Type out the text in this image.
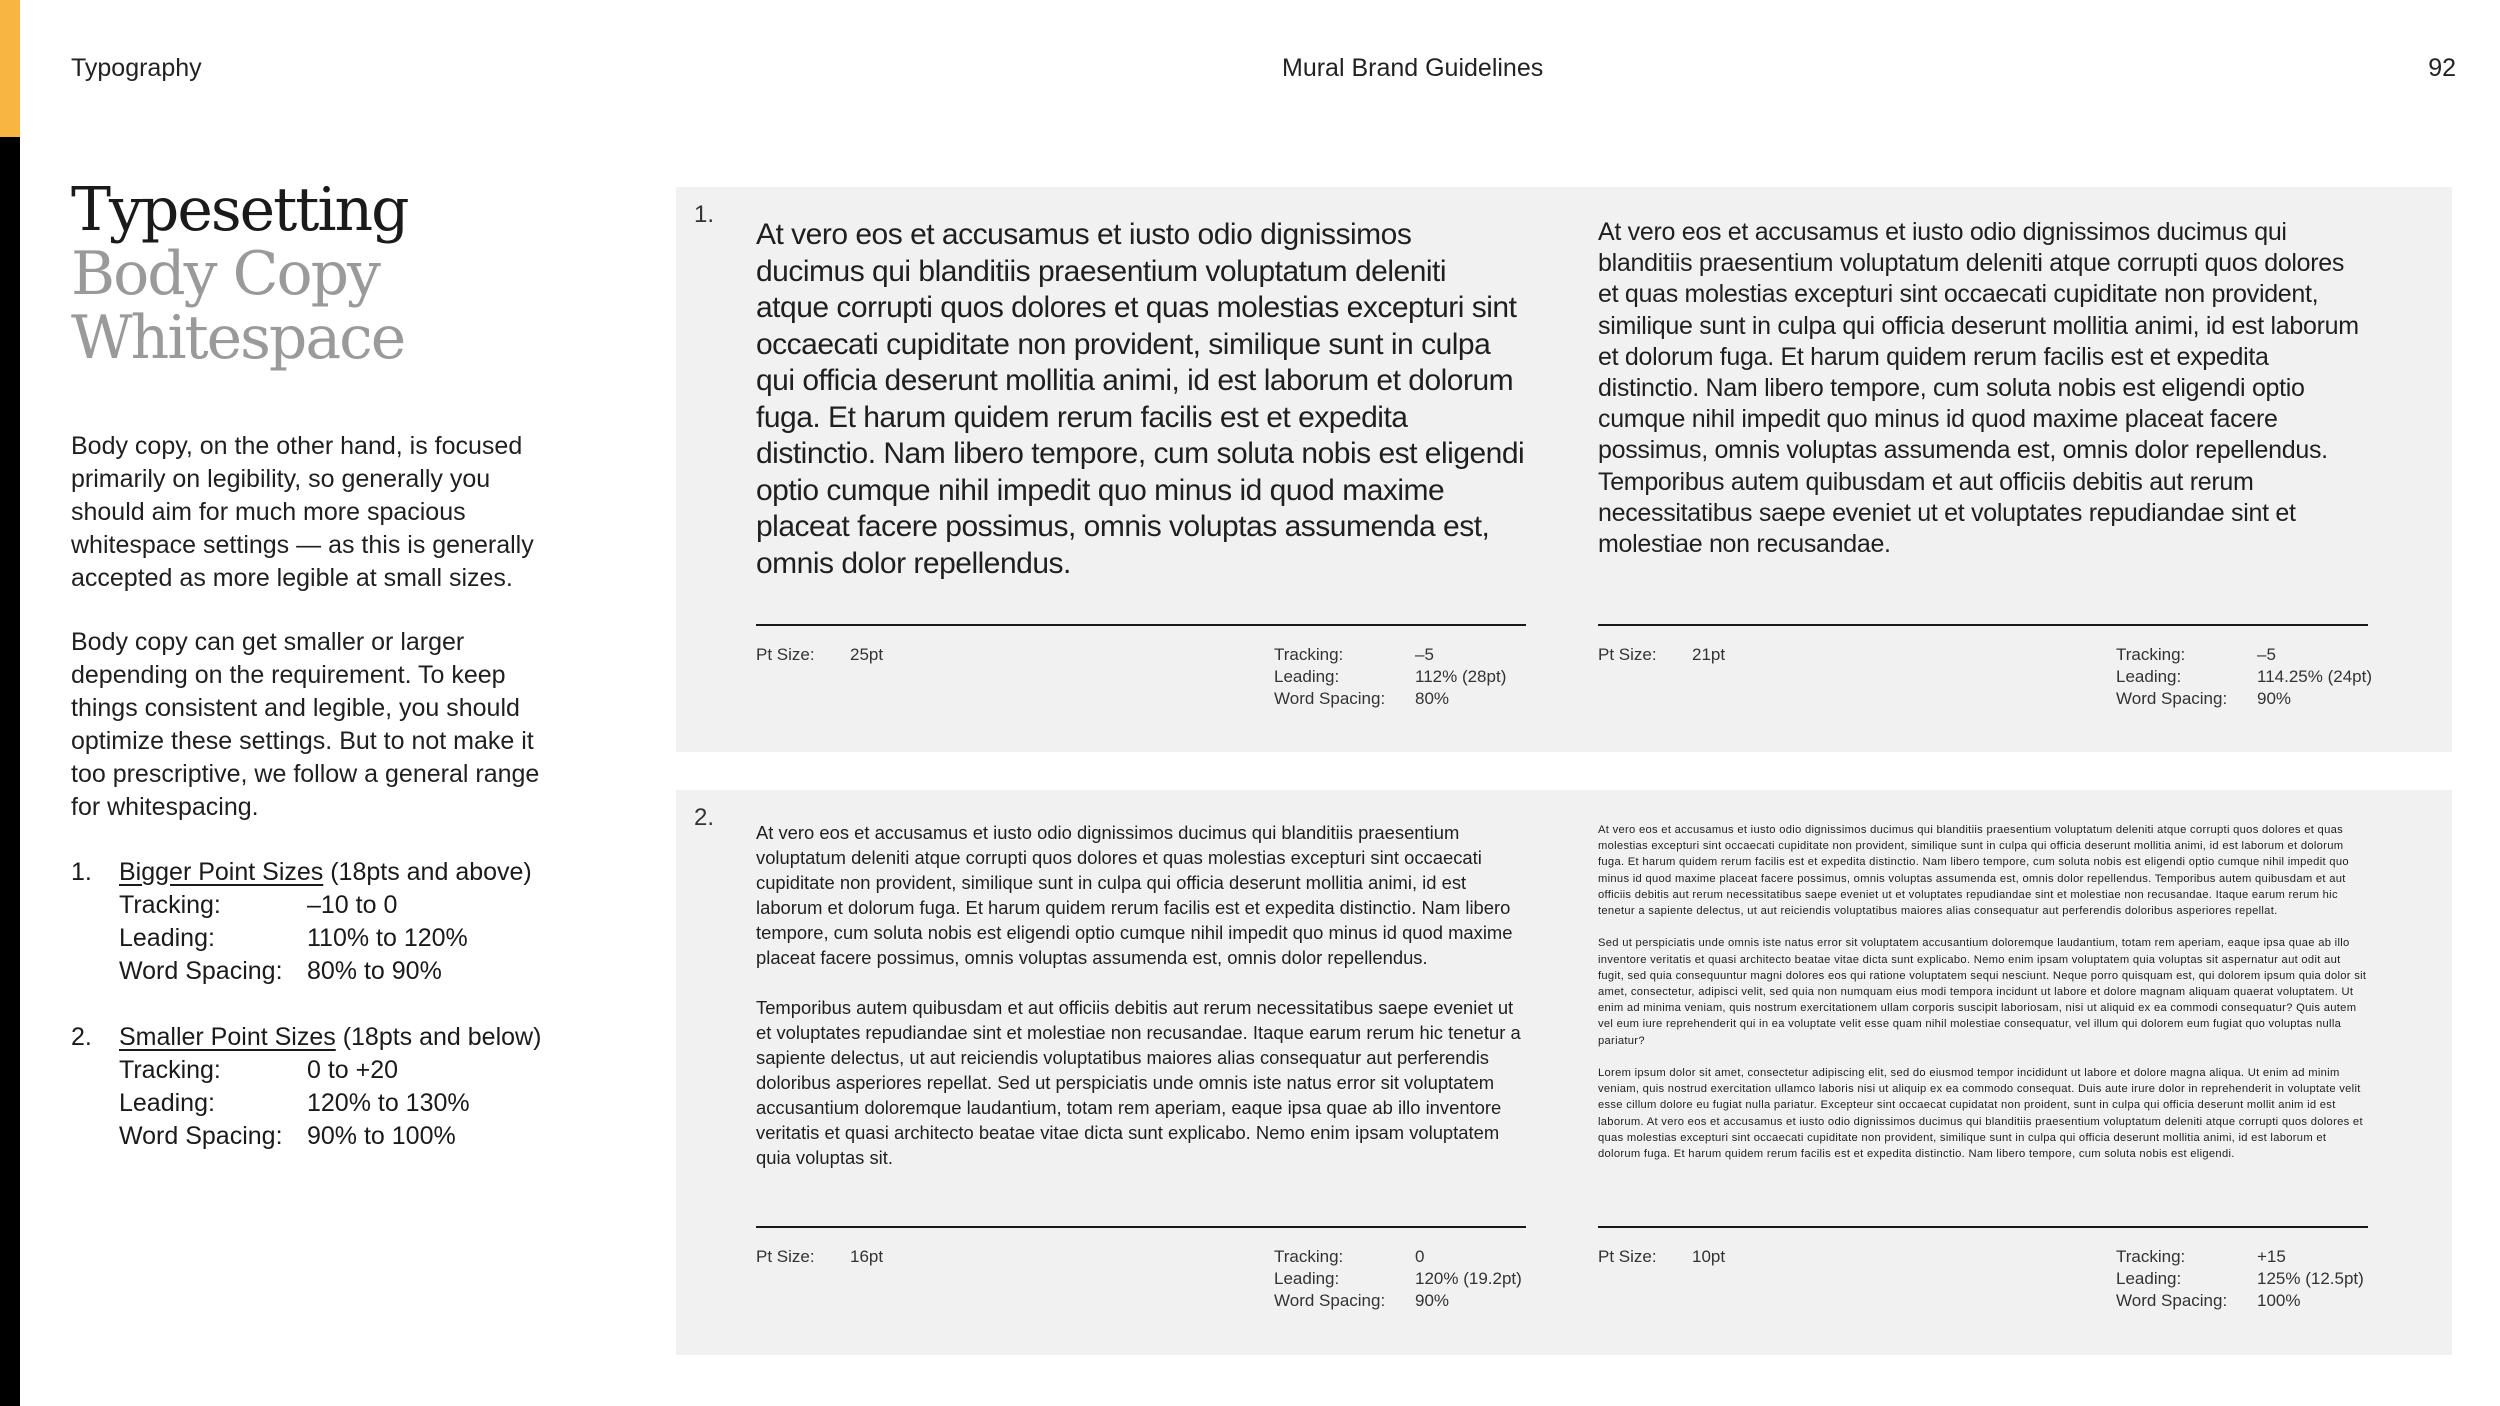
Typography	Mural Brand Guidelines	92
Typesetting
Body Copy
Whitespace

Body copy, on the other hand, is focused primarily on legibility, so generally you should aim for much more spacious whitespace settings — as this is generally accepted as more legible at small sizes.

Body copy can get smaller or larger depending on the requirement. To keep things consistent and legible, you should optimize these settings. But to not make it too prescriptive, we follow a general range for whitespacing.

1. Bigger Point Sizes (18pts and above)
Tracking:	–10 to 0
Leading:	110% to 120%
Word Spacing: 80% to 90%
2. Smaller Point Sizes (18pts and below)
Tracking:	0 to +20
Leading:	120% to 130%
Word Spacing: 90% to 100%
1.
At vero eos et accusamus et iusto odio dignissimos ducimus qui blanditiis praesentium voluptatum deleniti atque corrupti quos dolores et quas molestias excepturi sint occaecati cupiditate non provident, similique sunt in culpa qui officia deserunt mollitia animi, id est laborum et dolorum fuga. Et harum quidem rerum facilis est et expedita distinctio. Nam libero tempore, cum soluta nobis est eligendi optio cumque nihil impedit quo minus id quod maxime placeat facere possimus, omnis voluptas assumenda est, omnis dolor repellendus.
At vero eos et accusamus et iusto odio dignissimos ducimus qui blanditiis praesentium voluptatum deleniti atque corrupti quos dolores et quas molestias excepturi sint occaecati cupiditate non provident, similique sunt in culpa qui officia deserunt mollitia animi, id est laborum et dolorum fuga. Et harum quidem rerum facilis est et expedita distinctio. Nam libero tempore, cum soluta nobis est eligendi optio cumque nihil impedit quo minus id quod maxime placeat facere possimus, omnis voluptas assumenda est, omnis dolor repellendus. Temporibus autem quibusdam et aut officiis debitis aut rerum necessitatibus saepe eveniet ut et voluptates repudiandae sint et molestiae non recusandae.
Pt Size: 25pt	Tracking:	–5
Leading:	112% (28pt)
Word Spacing:	80%
Pt Size: 21pt	Tracking:	–5
Leading:	114.25% (24pt)
Word Spacing:	90%
2.

At vero eos et accusamus et iusto odio dignissimos ducimus qui blanditiis praesentium voluptatum deleniti atque corrupti quos dolores et quas molestias excepturi sint occaecati cupiditate non provident, similique sunt in culpa qui officia deserunt mollitia animi, id est laborum et dolorum fuga. Et harum quidem rerum facilis est et expedita distinctio. Nam libero tempore, cum soluta nobis est eligendi optio cumque nihil impedit quo minus id quod maxime placeat facere possimus, omnis voluptas assumenda est, omnis dolor repellendus.

Temporibus autem quibusdam et aut officiis debitis aut rerum necessitatibus saepe eveniet ut et voluptates repudiandae sint et molestiae non recusandae. Itaque earum rerum hic tenetur a sapiente delectus, ut aut reiciendis voluptatibus maiores alias consequatur aut perferendis doloribus asperiores repellat. Sed ut perspiciatis unde omnis iste natus error sit voluptatem accusantium doloremque laudantium, totam rem aperiam, eaque ipsa quae ab illo inventore veritatis et quasi architecto beatae vitae dicta sunt explicabo. Nemo enim ipsam voluptatem quia voluptas sit.

At vero eos et accusamus et iusto odio dignissimos ducimus qui blanditiis praesentium voluptatum deleniti atque corrupti quos dolores et quas molestias excepturi sint occaecati cupiditate non provident, similique sunt in culpa qui officia deserunt mollitia animi, id est laborum et dolorum fuga. Et harum quidem rerum facilis est et expedita distinctio. Nam libero tempore, cum soluta nobis est eligendi optio cumque nihil impedit quo minus id quod maxime placeat facere possimus, omnis voluptas assumenda est, omnis dolor repellendus. Temporibus autem quibusdam et aut officiis debitis aut rerum necessitatibus saepe eveniet ut et voluptates repudiandae sint et molestiae non recusandae. Itaque earum rerum hic tenetur a sapiente delectus, ut aut reiciendis voluptatibus maiores alias consequatur aut perferendis doloribus asperiores repellat.

Sed ut perspiciatis unde omnis iste natus error sit voluptatem accusantium doloremque laudantium, totam rem aperiam, eaque ipsa quae ab illo inventore veritatis et quasi architecto beatae vitae dicta sunt explicabo. Nemo enim ipsam voluptatem quia voluptas sit aspernatur aut odit aut fugit, sed quia consequuntur magni dolores eos qui ratione voluptatem sequi nesciunt. Neque porro quisquam est, qui dolorem ipsum quia dolor sit amet, consectetur, adipisci velit, sed quia non numquam eius modi tempora incidunt ut labore et dolore magnam aliquam quaerat voluptatem. Ut enim ad minima veniam, quis nostrum exercitationem ullam corporis suscipit laboriosam, nisi ut aliquid ex ea commodi consequatur? Quis autem vel eum iure reprehenderit qui in ea voluptate velit esse quam nihil molestiae consequatur, vel illum qui dolorem eum fugiat quo voluptas nulla pariatur?

Lorem ipsum dolor sit amet, consectetur adipiscing elit, sed do eiusmod tempor incididunt ut labore et dolore magna aliqua. Ut enim ad minim veniam, quis nostrud exercitation ullamco laboris nisi ut aliquip ex ea commodo consequat. Duis aute irure dolor in reprehenderit in voluptate velit esse cillum dolore eu fugiat nulla pariatur. Excepteur sint occaecat cupidatat non proident, sunt in culpa qui officia deserunt mollit anim id est laborum. At vero eos et accusamus et iusto odio dignissimos ducimus qui blanditiis praesentium voluptatum deleniti atque corrupti quos dolores et quas molestias excepturi sint occaecati cupiditate non provident, similique sunt in culpa qui officia deserunt mollitia animi, id est laborum et dolorum fuga. Et harum quidem rerum facilis est et expedita distinctio. Nam libero tempore, cum soluta nobis est eligendi.

Pt Size: 16pt	Tracking:	0
Leading:	120% (19.2pt)
Word Spacing:	90%
Pt Size: 10pt	Tracking:	+15
Leading:	125% (12.5pt)
Word Spacing:	100%
